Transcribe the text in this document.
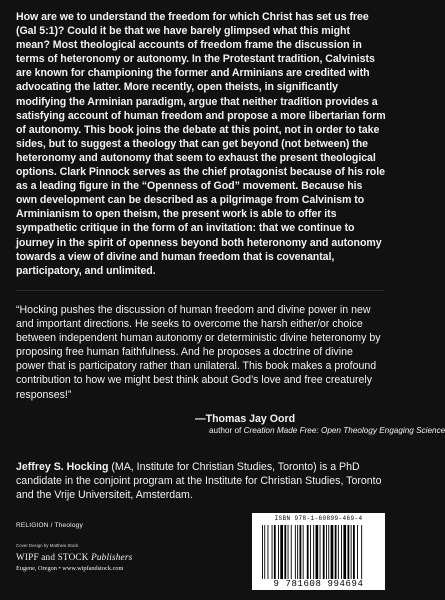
How are we to understand the freedom for which Christ has set us free (Gal 5:1)? Could it be that we have barely glimpsed what this might mean? Most theological accounts of freedom frame the discussion in terms of heteronomy or autonomy. In the Protestant tradition, Calvinists are known for championing the former and Arminians are credited with advocating the latter. More recently, open theists, in significantly modifying the Arminian paradigm, argue that neither tradition provides a satisfying account of human freedom and propose a more libertarian form of autonomy. This book joins the debate at this point, not in order to take sides, but to suggest a theology that can get beyond (not between) the heteronomy and autonomy that seem to exhaust the present theological options. Clark Pinnock serves as the chief protagonist because of his role as a leading figure in the “Openness of God” movement. Because his own development can be described as a pilgrimage from Calvinism to Arminianism to open theism, the present work is able to offer its sympathetic critique in the form of an invitation: that we continue to journey in the spirit of openness beyond both heteronomy and autonomy towards a view of divine and human freedom that is covenantal, participatory, and unlimited.

“Hocking pushes the discussion of human freedom and divine power in new and important directions. He seeks to overcome the harsh either/or choice between independent human autonomy or deterministic divine heteronomy by proposing free human faithfulness. And he proposes a doctrine of divine power that is participatory rather than unilateral. This book makes a profound contribution to how we might best think about God’s love and free creaturely responses!”

—Thomas Jay Oord
author of Creation Made Free: Open Theology Engaging Science

Jeffrey S. Hocking (MA, Institute for Christian Studies, Toronto) is a PhD candidate in the conjoint program at the Institute for Christian Studies, Toronto and the Vrije Universiteit, Amsterdam.

RELIGION / Theology
Cover Design by Matthew Stock
WIPF and STOCK Publishers
Eugene, Oregon • www.wipfandstock.com
ISBN 978-1-60899-469-4
9 781608 994694
